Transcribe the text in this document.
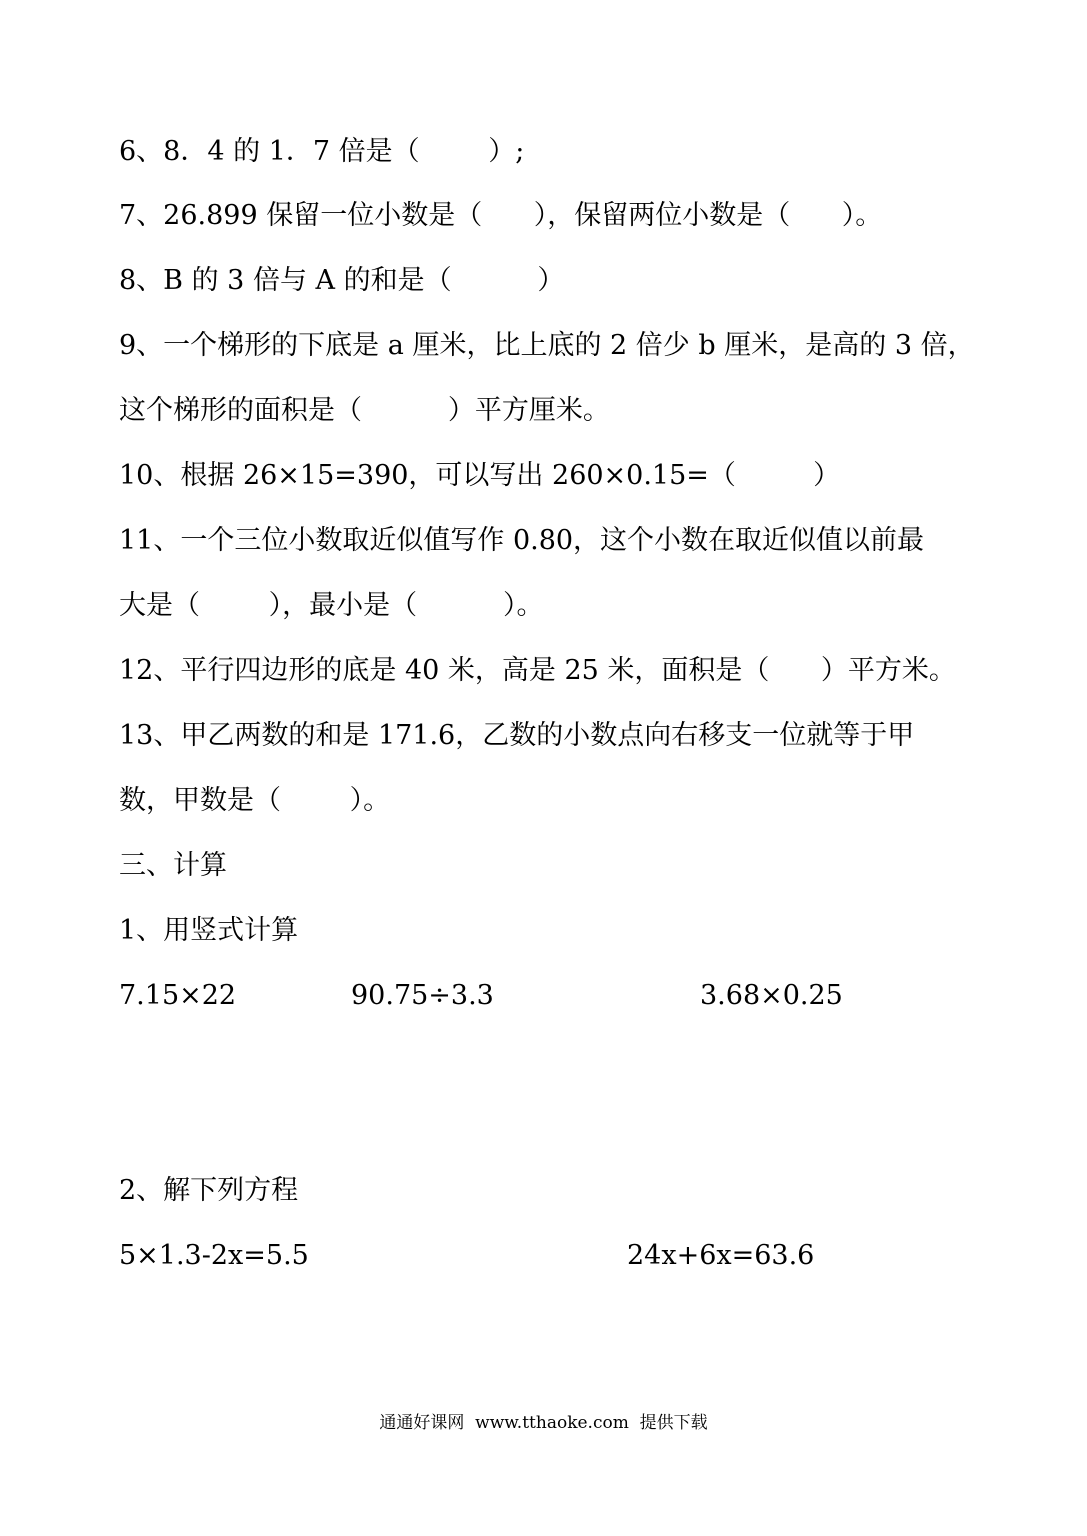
6、8．4 的 1．7 倍是（        ）;
7、26.899 保留一位小数是（      ），保留两位小数是（      ）。
8、B 的 3 倍与 A 的和是（          ）
9、一个梯形的下底是 a 厘米，比上底的 2 倍少 b 厘米，是高的 3 倍，
这个梯形的面积是（          ）平方厘米。
10、根据 26×15=390，可以写出 260×0.15=（         ）
11、一个三位小数取近似值写作 0.80，这个小数在取近似值以前最
大是（        ），最小是（          ）。
12、平行四边形的底是 40 米，高是 25 米，面积是（      ）平方米。
13、甲乙两数的和是 171.6，乙数的小数点向右移支一位就等于甲
数，甲数是（        ）。
三、计算
1、用竖式计算
7.15×22	90.75÷3.3	3.68×0.25
2、解下列方程
5×1.3-2x=5.5	24x+6x=63.6
通通好课网  www.tthaoke.com  提供下载
